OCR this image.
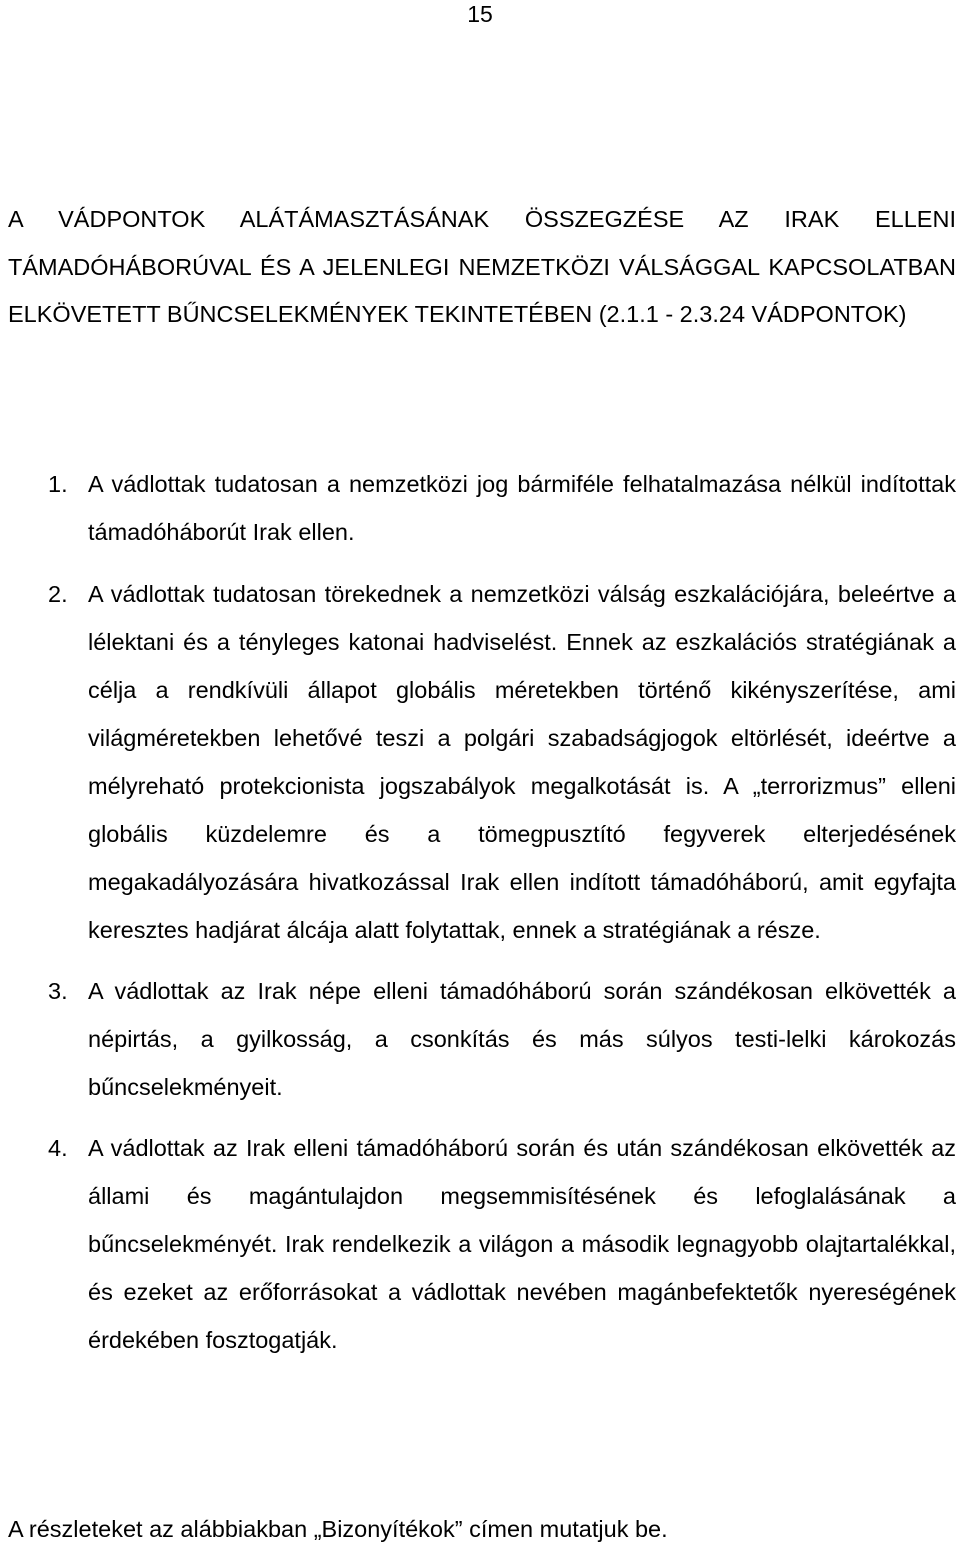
15
A VÁDPONTOK ALÁTÁMASZTÁSÁNAK ÖSSZEGZÉSE AZ IRAK ELLENI TÁMADÓHÁBORÚVAL ÉS A JELENLEGI NEMZETKÖZI VÁLSÁGGAL KAPCSOLATBAN ELKÖVETETT BŰNCSELEKMÉNYEK TEKINTETÉBEN (2.1.1 - 2.3.24 VÁDPONTOK)
1. A vádlottak tudatosan a nemzetközi jog bármiféle felhatalmazása nélkül indítottak támadóháborút Irak ellen.
2. A vádlottak tudatosan törekednek a nemzetközi válság eszkalációjára, beleértve a lélektani és a tényleges katonai hadviselést. Ennek az eszkalációs stratégiának a célja a rendkívüli állapot globális méretekben történő kikényszerítése, ami világméretekben lehetővé teszi a polgári szabadságjogok eltörlését, ideértve a mélyreható protekcionista jogszabályok megalkotását is. A „terrorizmus” elleni globális küzdelemre és a tömegpusztító fegyverek elterjedésének megakadályozására hivatkozással Irak ellen indított támadóháború, amit egyfajta keresztes hadjárat álcája alatt folytattak, ennek a stratégiának a része.
3. A vádlottak az Irak népe elleni támadóháború során szándékosan elkövették a népirtás, a gyilkosság, a csonkítás és más súlyos testi-lelki károkozás bűncselekményeit.
4. A vádlottak az Irak elleni támadóháború során és után szándékosan elkövették az állami és magántulajdon megsemmisítésének és lefoglalásának a bűncselekményét. Irak rendelkezik a világon a második legnagyobb olajtartalékkal, és ezeket az erőforrásokat a vádlottak nevében magánbefektetők nyereségének érdekében fosztogatják.

A részleteket az alábbiakban „Bizonyítékok” címen mutatjuk be.
